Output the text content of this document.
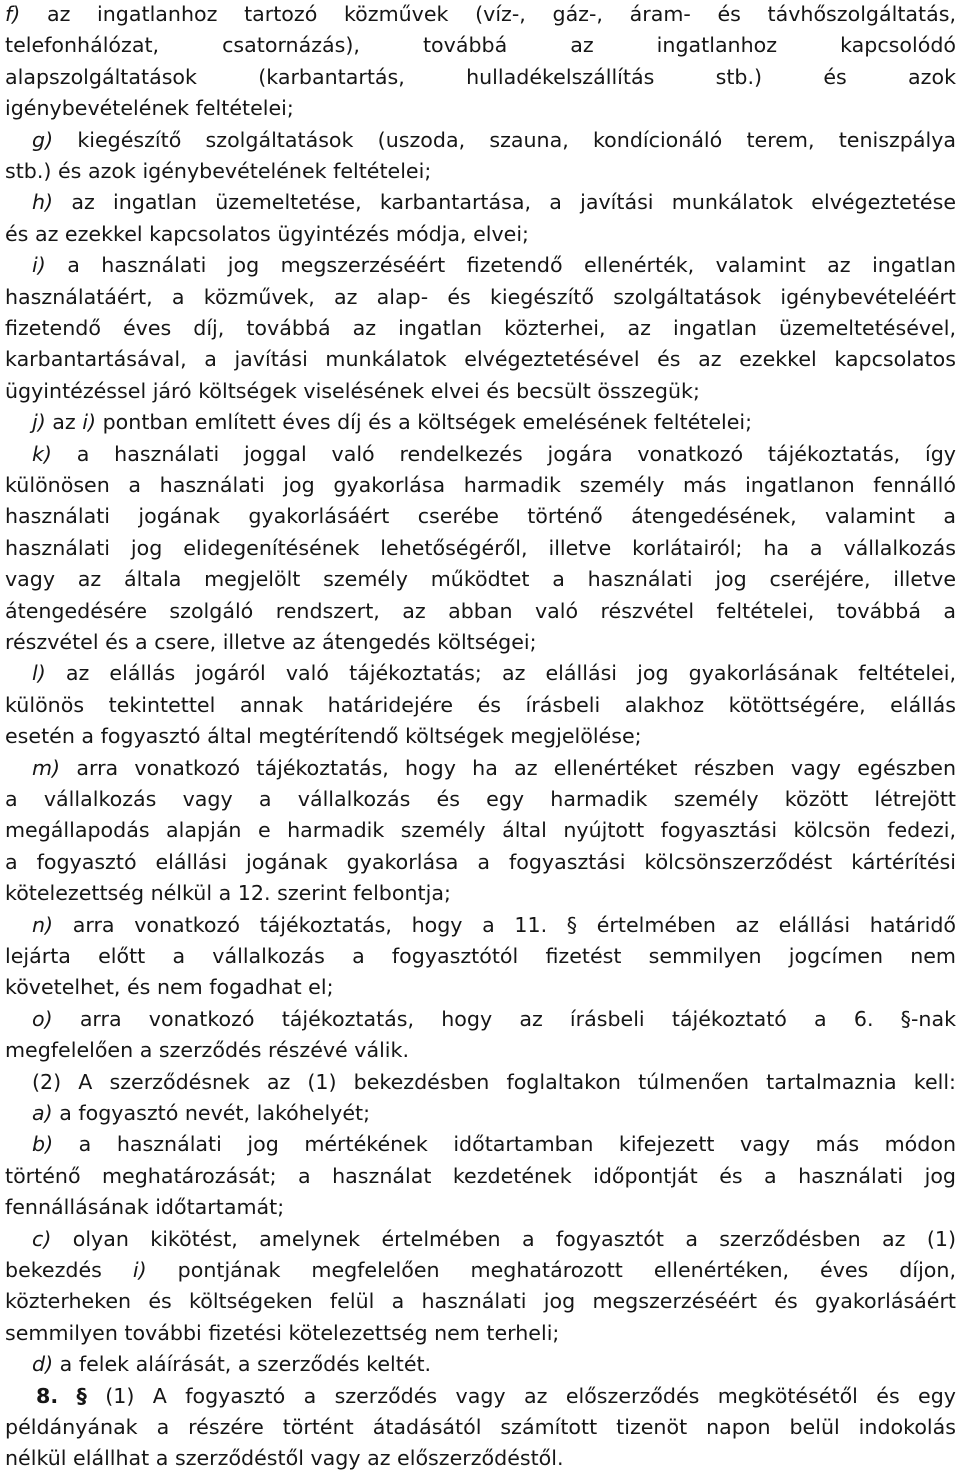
f) az ingatlanhoz tartozó közművek (víz-, gáz-, áram- és távhőszolgáltatás,
telefonhálózat, csatornázás), továbbá az ingatlanhoz kapcsolódó
alapszolgáltatások (karbantartás, hulladékelszállítás stb.) és azok
igénybevételének feltételei;
g) kiegészítő szolgáltatások (uszoda, szauna, kondícionáló terem, teniszpálya
stb.) és azok igénybevételének feltételei;
h) az ingatlan üzemeltetése, karbantartása, a javítási munkálatok elvégeztetése
és az ezekkel kapcsolatos ügyintézés módja, elvei;
i) a használati jog megszerzéséért fizetendő ellenérték, valamint az ingatlan
használatáért, a közművek, az alap- és kiegészítő szolgáltatások igénybevételéért
fizetendő éves díj, továbbá az ingatlan közterhei, az ingatlan üzemeltetésével,
karbantartásával, a javítási munkálatok elvégeztetésével és az ezekkel kapcsolatos
ügyintézéssel járó költségek viselésének elvei és becsült összegük;
j) az i) pontban említett éves díj és a költségek emelésének feltételei;
k) a használati joggal való rendelkezés jogára vonatkozó tájékoztatás, így
különösen a használati jog gyakorlása harmadik személy más ingatlanon fennálló
használati jogának gyakorlásáért cserébe történő átengedésének, valamint a
használati jog elidegenítésének lehetőségéről, illetve korlátairól; ha a vállalkozás
vagy az általa megjelölt személy működtet a használati jog cseréjére, illetve
átengedésére szolgáló rendszert, az abban való részvétel feltételei, továbbá a
részvétel és a csere, illetve az átengedés költségei;
l) az elállás jogáról való tájékoztatás; az elállási jog gyakorlásának feltételei,
különös tekintettel annak határidejére és írásbeli alakhoz kötöttségére, elállás
esetén a fogyasztó által megtérítendő költségek megjelölése;
m) arra vonatkozó tájékoztatás, hogy ha az ellenértéket részben vagy egészben
a vállalkozás vagy a vállalkozás és egy harmadik személy között létrejött
megállapodás alapján e harmadik személy által nyújtott fogyasztási kölcsön fedezi,
a fogyasztó elállási jogának gyakorlása a fogyasztási kölcsönszerződést kártérítési
kötelezettség nélkül a 12. szerint felbontja;
n) arra vonatkozó tájékoztatás, hogy a 11. § értelmében az elállási határidő
lejárta előtt a vállalkozás a fogyasztótól fizetést semmilyen jogcímen nem
követelhet, és nem fogadhat el;
o) arra vonatkozó tájékoztatás, hogy az írásbeli tájékoztató a 6. §-nak
megfelelően a szerződés részévé válik.
(2) A szerződésnek az (1) bekezdésben foglaltakon túlmenően tartalmaznia kell:
a) a fogyasztó nevét, lakóhelyét;
b) a használati jog mértékének időtartamban kifejezett vagy más módon
történő meghatározását; a használat kezdetének időpontját és a használati jog
fennállásának időtartamát;
c) olyan kikötést, amelynek értelmében a fogyasztót a szerződésben az (1)
bekezdés i) pontjának megfelelően meghatározott ellenértéken, éves díjon,
közterheken és költségeken felül a használati jog megszerzéséért és gyakorlásáért
semmilyen további fizetési kötelezettség nem terheli;
d) a felek aláírását, a szerződés keltét.
8. § (1) A fogyasztó a szerződés vagy az előszerződés megkötésétől és egy
példányának a részére történt átadásától számított tizenöt napon belül indokolás
nélkül elállhat a szerződéstől vagy az előszerződéstől.
